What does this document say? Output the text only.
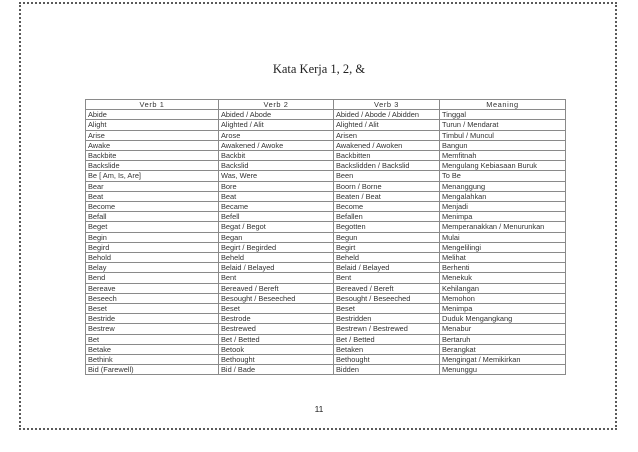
Kata Kerja 1, 2, &
Verb 1	Verb 2	Verb 3	Meaning
Abide	Abided / Abode	Abided / Abode / Abidden	Tinggal
Alight	Alighted / Alit	Alighted / Alit	Turun / Mendarat
Arise	Arose	Arisen	Timbul / Muncul
Awake	Awakened / Awoke	Awakened / Awoken	Bangun
Backbite	Backbit	Backbitten	Memfitnah
Backslide	Backslid	Backslidden / Backslid	Mengulang Kebiasaan Buruk
Be [ Am, Is, Are]	Was, Were	Been	To Be
Bear	Bore	Boorn / Borne	Menanggung
Beat	Beat	Beaten / Beat	Mengalahkan
Become	Became	Become	Menjadi
Befall	Befell	Befallen	Menimpa
Beget	Begat / Begot	Begotten	Memperanakkan / Menurunkan
Begin	Began	Begun	Mulai
Begird	Begirt / Begirded	Begirt	Mengelilingi
Behold	Beheld	Beheld	Melihat
Belay	Belaid / Belayed	Belaid / Belayed	Berhenti
Bend	Bent	Bent	Menekuk
Bereave	Bereaved / Bereft	Bereaved / Bereft	Kehilangan
Beseech	Besought / Beseeched	Besought / Beseeched	Memohon
Beset	Beset	Beset	Menimpa
Bestride	Bestrode	Bestridden	Duduk Mengangkang
Bestrew	Bestrewed	Bestrewn / Bestrewed	Menabur
Bet	Bet / Betted	Bet / Betted	Bertaruh
Betake	Betook	Betaken	Berangkat
Bethink	Bethought	Bethought	Mengingat / Memikirkan
Bid (Farewell)	Bid / Bade	Bidden	Menunggu
11
